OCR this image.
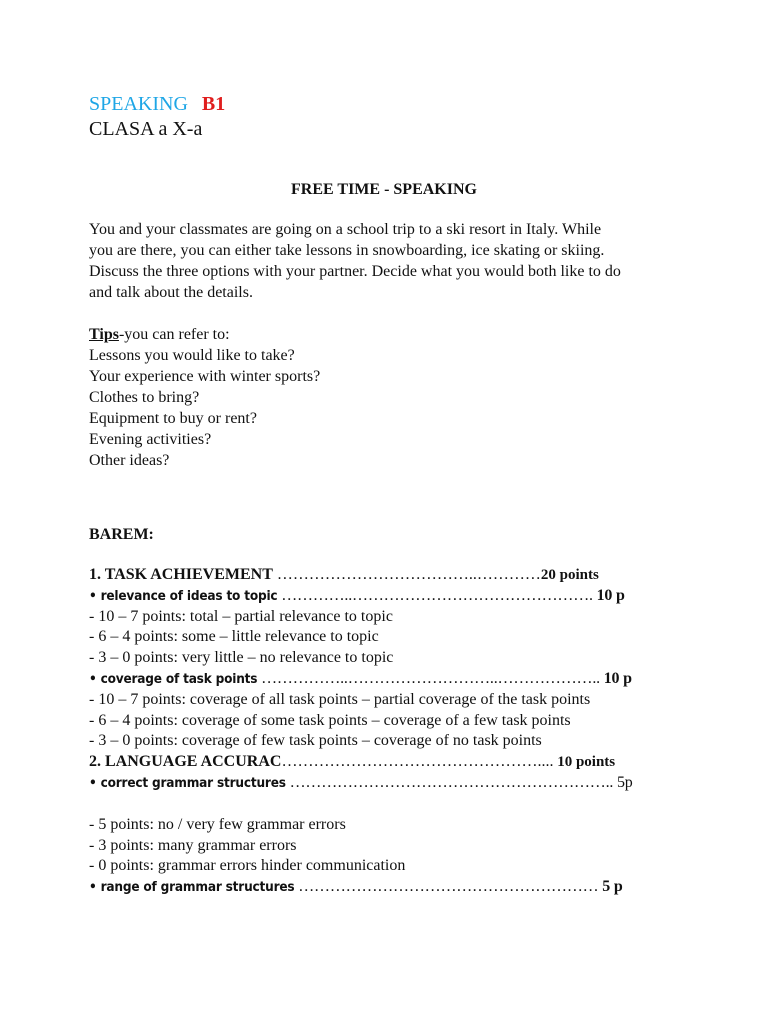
SPEAKING B1
CLASA a X-a
FREE TIME - SPEAKING
You and your classmates are going on a school trip to a ski resort in Italy. While
you are there, you can either take lessons in snowboarding, ice skating or skiing.
Discuss the three options with your partner. Decide what you would both like to do
and talk about the details.
Tips-you can refer to:
Lessons you would like to take?
Your experience with winter sports?
Clothes to bring?
Equipment to buy or rent?
Evening activities?
Other ideas?
BAREM:
1. TASK ACHIEVEMENT ………………………………..…………20 points
• relevance of ideas to topic …………..………………………………………. 10 p
- 10 – 7 points: total – partial relevance to topic
- 6 – 4 points: some – little relevance to topic
- 3 – 0 points: very little – no relevance to topic
• coverage of task points ……………..………………………..……………….. 10 p
- 10 – 7 points: coverage of all task points – partial coverage of the task points
- 6 – 4 points: coverage of some task points – coverage of a few task points
- 3 – 0 points: coverage of few task points – coverage of no task points
2. LANGUAGE ACCURAC………………………………………….... 10 points
• correct grammar structures …………………………………………………….. 5p
- 5 points: no / very few grammar errors
- 3 points: many grammar errors
- 0 points: grammar errors hinder communication
• range of grammar structures ………………………………………………… 5 p
